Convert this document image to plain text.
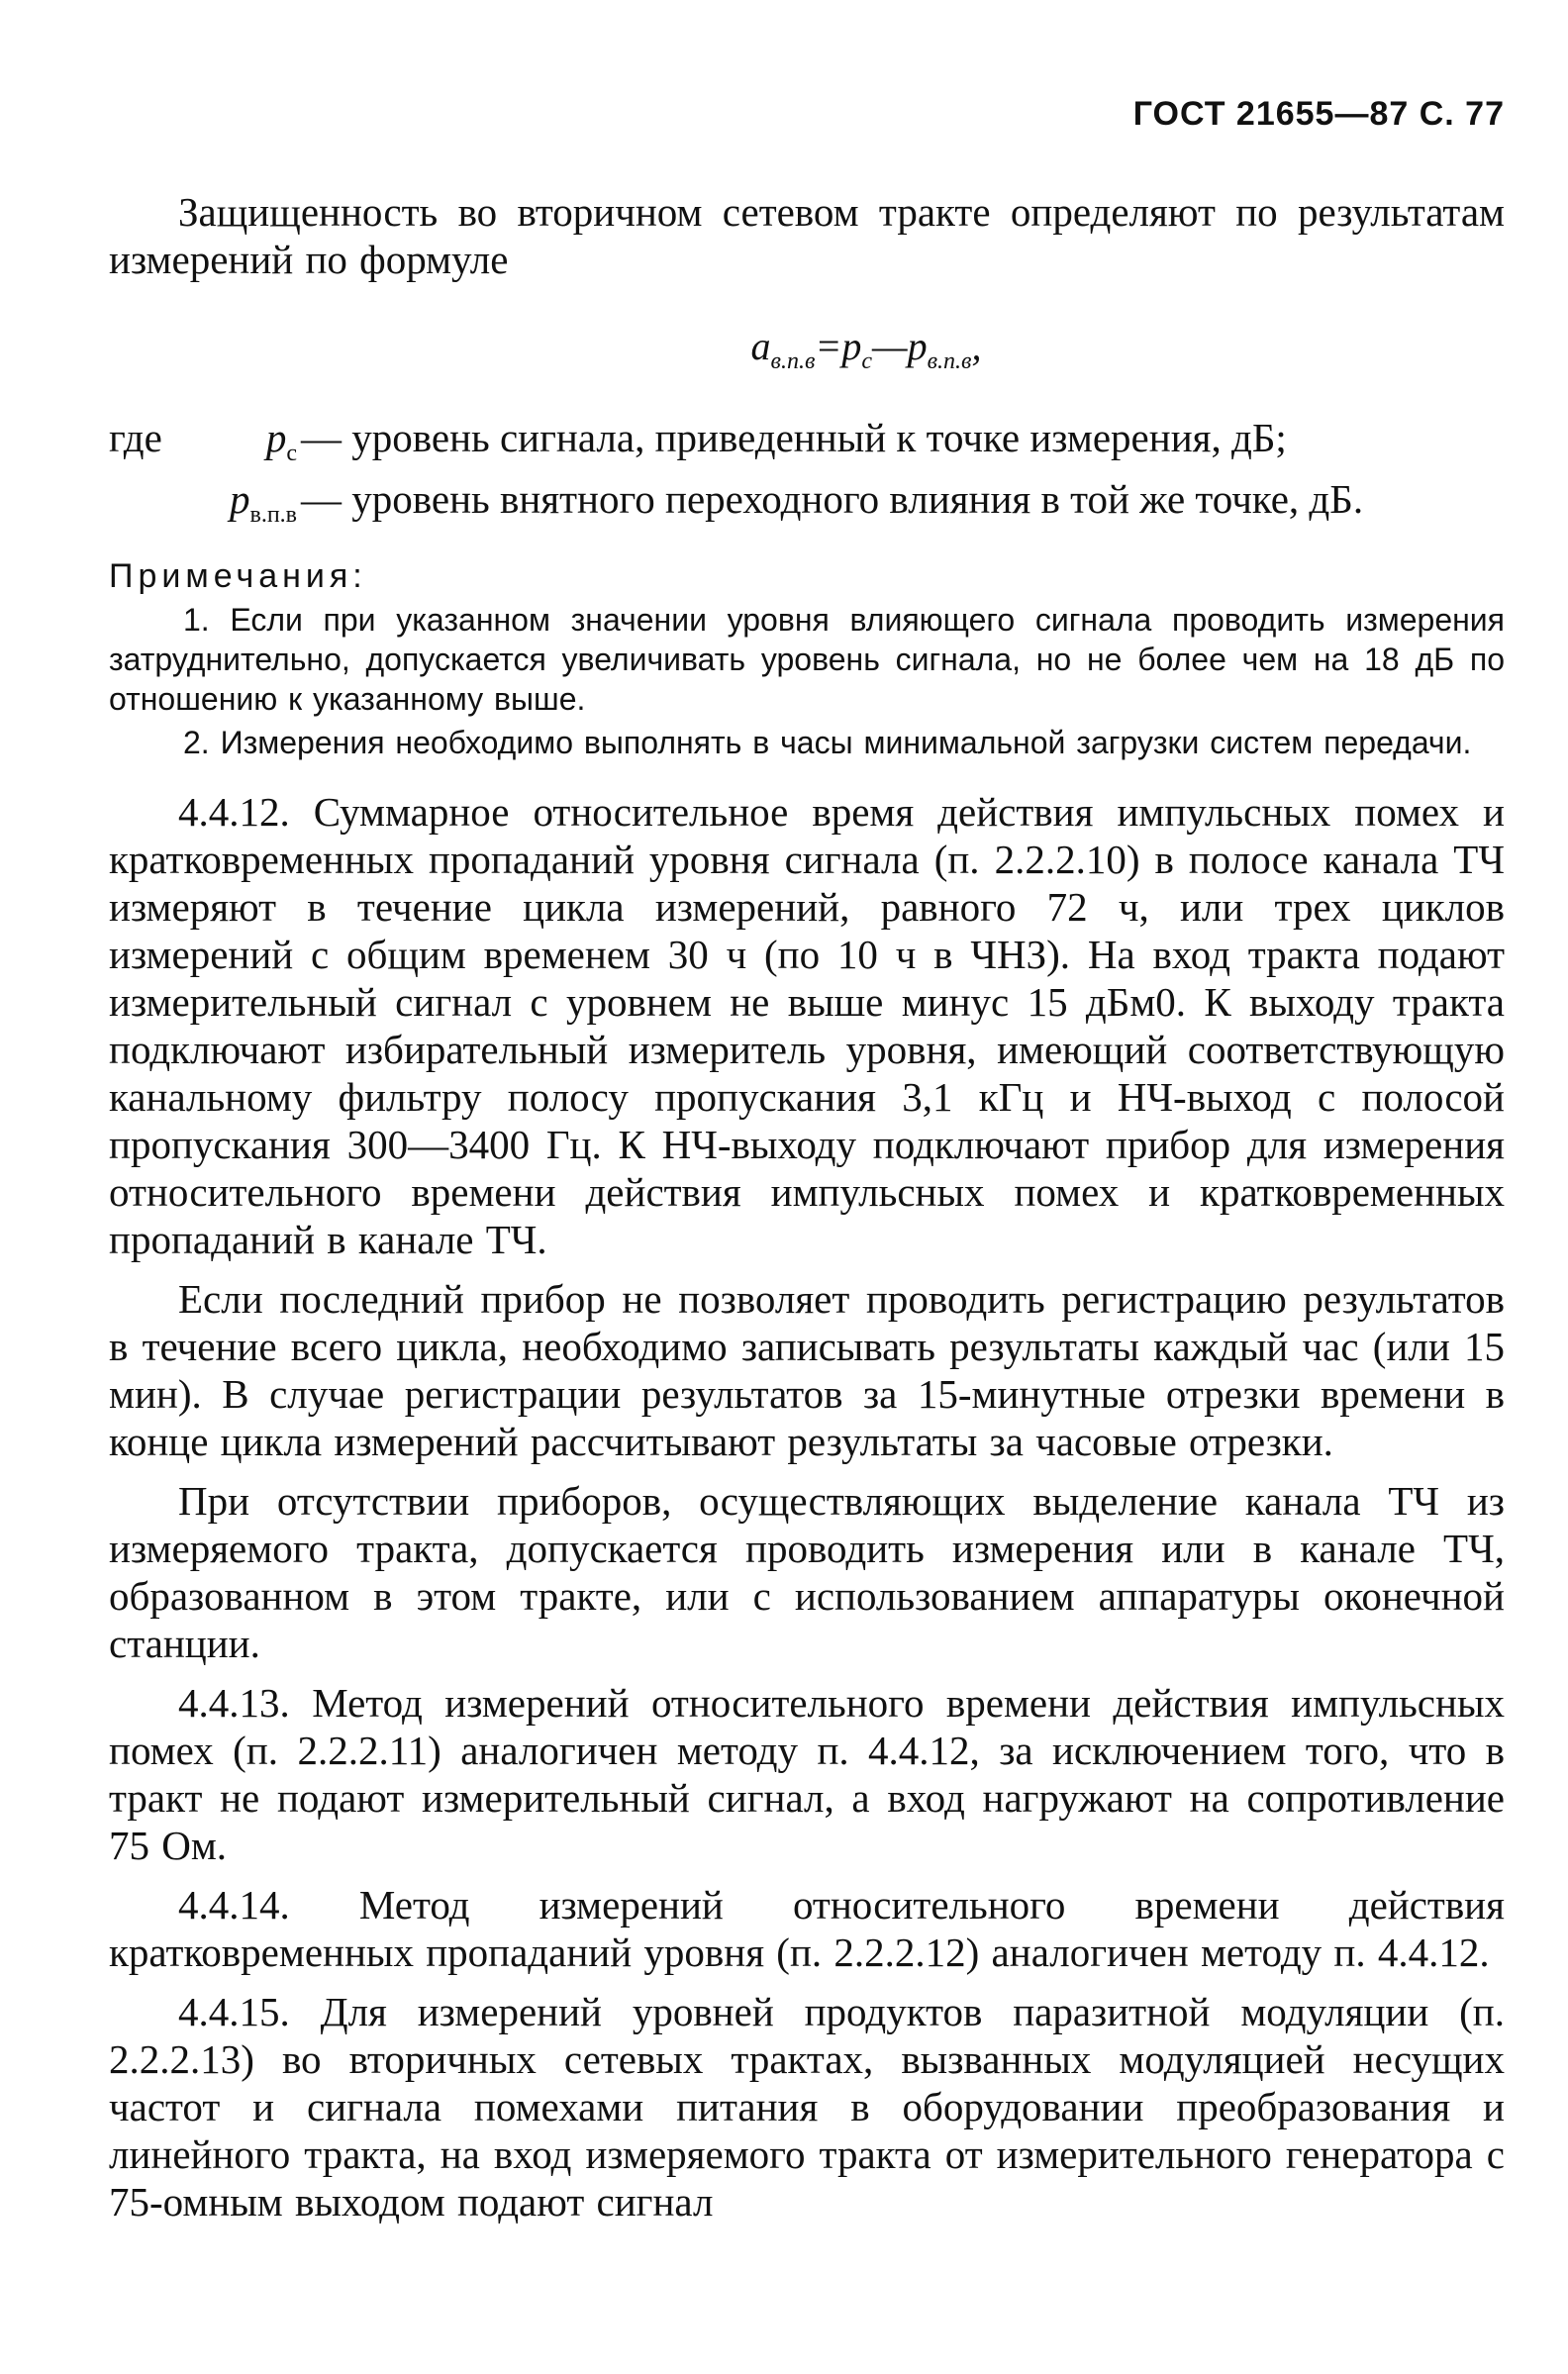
ГОСТ 21655—87 С. 77

Защищенность во вторичном сетевом тракте определяют по результатам измерений по формуле

$a_{в.п.в}=p_c—p_{в.п.в}$,
где	$p_c$ — уровень сигнала, приведенный к точке измерения, дБ;
$p_{в.п.в}$ — уровень внятного переходного влияния в той же точке, дБ.
Примечания:

1. Если при указанном значении уровня влияющего сигнала проводить измерения затруднительно, допускается увеличивать уровень сигнала, но не более чем на 18 дБ по отношению к указанному выше.

2. Измерения необходимо выполнять в часы минимальной загрузки систем передачи.

4.4.12. Суммарное относительное время действия импульсных помех и кратковременных пропаданий уровня сигнала (п. 2.2.2.10) в полосе канала ТЧ измеряют в течение цикла измерений, равного 72 ч, или трех циклов измерений с общим временем 30 ч (по 10 ч в ЧНЗ). На вход тракта подают измерительный сигнал с уровнем не выше минус 15 дБм0. К выходу тракта подключают избирательный измеритель уровня, имеющий соответствующую канальному фильтру полосу пропускания 3,1 кГц и НЧ-выход с полосой пропускания 300—3400 Гц. К НЧ-выходу подключают прибор для измерения относительного времени действия импульсных помех и кратковременных пропаданий в канале ТЧ.

Если последний прибор не позволяет проводить регистрацию результатов в течение всего цикла, необходимо записывать результаты каждый час (или 15 мин). В случае регистрации результатов за 15-минутные отрезки времени в конце цикла измерений рассчитывают результаты за часовые отрезки.

При отсутствии приборов, осуществляющих выделение канала ТЧ из измеряемого тракта, допускается проводить измерения или в канале ТЧ, образованном в этом тракте, или с использованием аппаратуры оконечной станции.

4.4.13. Метод измерений относительного времени действия импульсных помех (п. 2.2.2.11) аналогичен методу п. 4.4.12, за исключением того, что в тракт не подают измерительный сигнал, а вход нагружают на сопротивление 75 Ом.

4.4.14. Метод измерений относительного времени действия кратковременных пропаданий уровня (п. 2.2.2.12) аналогичен методу п. 4.4.12.

4.4.15. Для измерений уровней продуктов паразитной модуляции (п. 2.2.2.13) во вторичных сетевых трактах, вызванных модуляцией несущих частот и сигнала помехами питания в оборудовании преобразования и линейного тракта, на вход измеряемого тракта от измерительного генератора с 75-омным выходом подают сигнал
